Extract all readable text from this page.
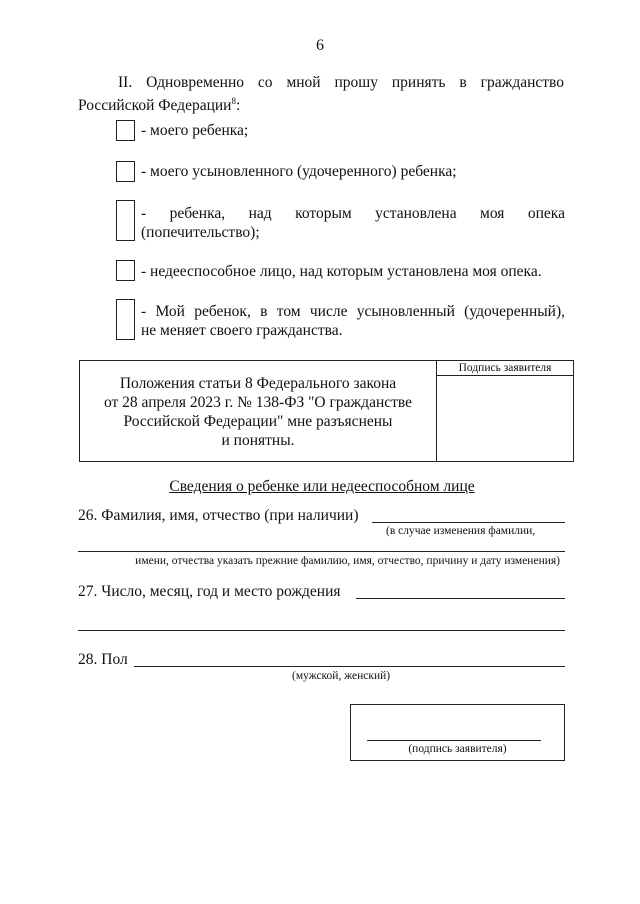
6
II. Одновременно со мной прошу принять в гражданство
Российской Федерации$^8$:
- моего ребенка;
- моего усыновленного (удочеренного) ребенка;
- ребенка, над которым установлена моя опека
(попечительство);
- недееспособное лицо, над которым установлена моя опека.
- Мой ребенок, в том числе усыновленный (удочеренный),
не меняет своего гражданства.
Подпись заявителя
Положения статьи 8 Федерального закона
от 28 апреля 2023 г. № 138-ФЗ "О гражданстве
Российской Федерации" мне разъяснены
и понятны.
Сведения о ребенке или недееспособном лице
26. Фамилия, имя, отчество (при наличии)
(в случае изменения фамилии,
имени, отчества указать прежние фамилию, имя, отчество, причину и дату изменения)
27. Число, месяц, год и место рождения
28. Пол
(мужской, женский)
(подпись заявителя)
